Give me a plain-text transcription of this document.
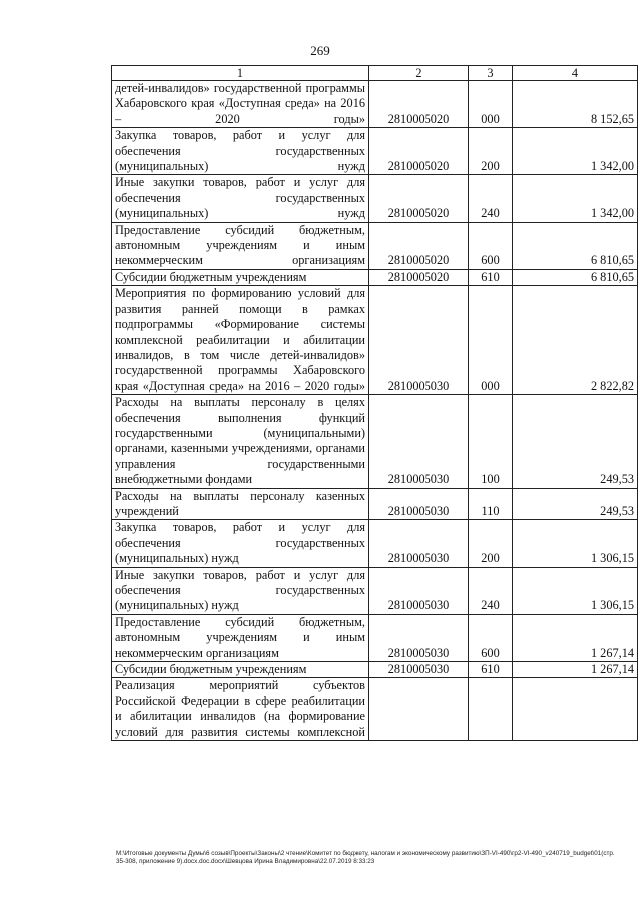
269
1	2	3	4
детей-инвалидов» государственной программы Хабаровского края «Доступная среда» на 2016 – 2020 годы»	2810005020	000	8 152,65
Закупка товаров, работ и услуг для обеспечения государственных (муниципальных) нужд	2810005020	200	1 342,00
Иные закупки товаров, работ и услуг для обеспечения государственных (муниципальных) нужд	2810005020	240	1 342,00
Предоставление субсидий бюджетным, автономным учреждениям и иным некоммерческим организациям	2810005020	600	6 810,65
Субсидии бюджетным учреждениям	2810005020	610	6 810,65
Мероприятия по формированию условий для развития ранней помощи в рамках подпрограммы «Формирование системы комплексной реабилитации и абилитации инвалидов, в том числе детей-инвалидов» государственной программы Хабаровского края «Доступная среда» на 2016 – 2020 годы»	2810005030	000	2 822,82
Расходы на выплаты персоналу в целях обеспечения выполнения функций государственными (муниципальными) органами, казенными учреждениями, органами управления государственными внебюджетными фондами	2810005030	100	249,53
Расходы на выплаты персоналу казенных учреждений	2810005030	110	249,53
Закупка товаров, работ и услуг для обеспечения государственных (муниципальных) нужд	2810005030	200	1 306,15
Иные закупки товаров, работ и услуг для обеспечения государственных (муниципальных) нужд	2810005030	240	1 306,15
Предоставление субсидий бюджетным, автономным учреждениям и иным некоммерческим организациям	2810005030	600	1 267,14
Субсидии бюджетным учреждениям	2810005030	610	1 267,14
Реализация мероприятий субъектов Российской Федерации в сфере реабилитации и абилитации инвалидов (на формирование условий для развития системы комплексной			
M:\Итоговые документы Думы\6 созыв\Проекты\Законы\2 чтение\Комитет по бюджету, налогам и экономическому развитию\ЗП-VI-490\гр2-VI-490_v240719_budget\01(стр.35-308, приложение 9).docx.doc.docx\Шевцова Ирина Владимировна\22.07.2019 8:33:23
